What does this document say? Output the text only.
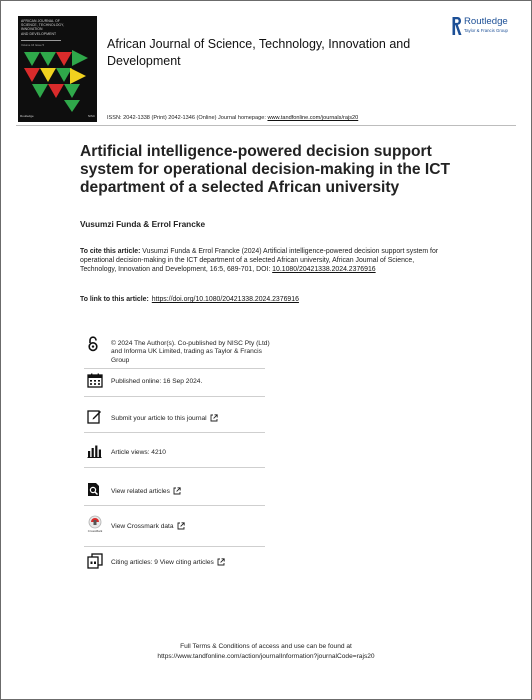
AFRICAN JOURNAL OF
SCIENCE, TECHNOLOGY,
INNOVATION
AND DEVELOPMENT
Volume 16 Issue 5
Routledge	NISC
African Journal of Science, Technology, Innovation and Development
Routledge
Taylor & Francis Group
ISSN: 2042-1338 (Print) 2042-1346 (Online) Journal homepage: www.tandfonline.com/journals/rajs20
Artificial intelligence-powered decision support system for operational decision-making in the ICT department of a selected African university
Vusumzi Funda & Errol Francke
To cite this article: Vusumzi Funda & Errol Francke (2024) Artificial intelligence-powered decision support system for operational decision-making in the ICT department of a selected African university, African Journal of Science, Technology, Innovation and Development, 16:5, 689-701, DOI: 10.1080/20421338.2024.2376916
To link to this article: https://doi.org/10.1080/20421338.2024.2376916
© 2024 The Author(s). Co-published by NISC Pty (Ltd) and Informa UK Limited, trading as Taylor & Francis Group
Published online: 16 Sep 2024.
Submit your article to this journal
Article views: 4210
View related articles
CrossMark
View Crossmark data
Citing articles: 9 View citing articles
Full Terms & Conditions of access and use can be found at
https://www.tandfonline.com/action/journalInformation?journalCode=rajs20
